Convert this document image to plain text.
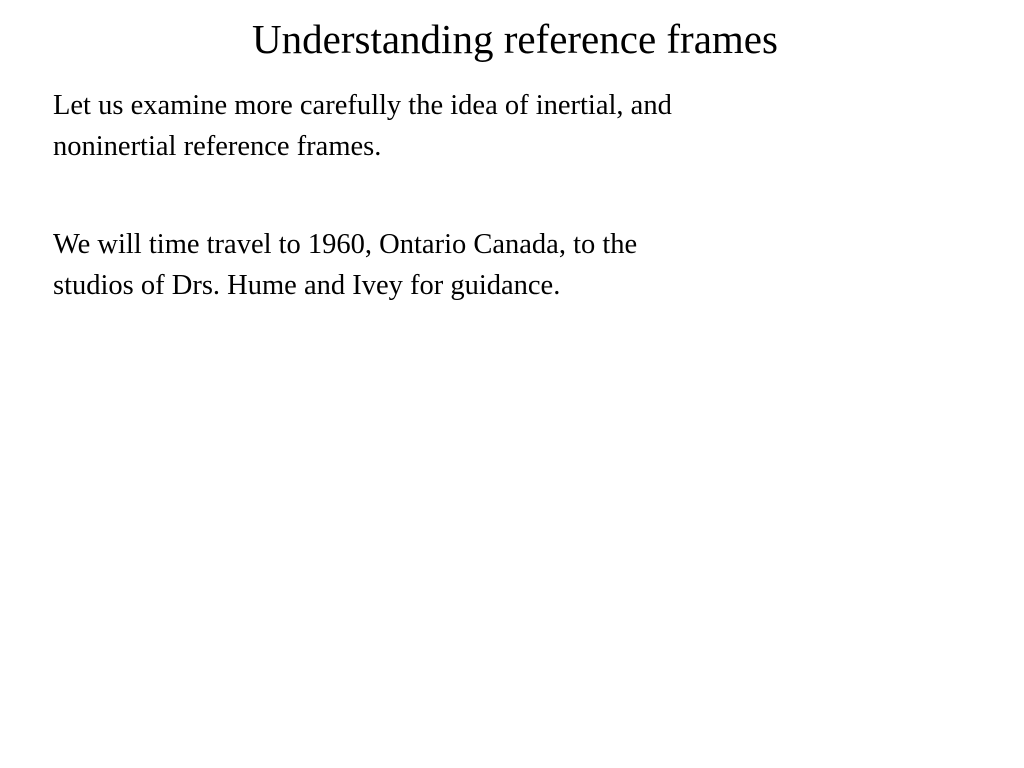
Understanding reference frames

Let us examine more carefully the idea of inertial, and
noninertial reference frames.

We will time travel to 1960, Ontario Canada, to the
studios of Drs. Hume and Ivey for guidance.
